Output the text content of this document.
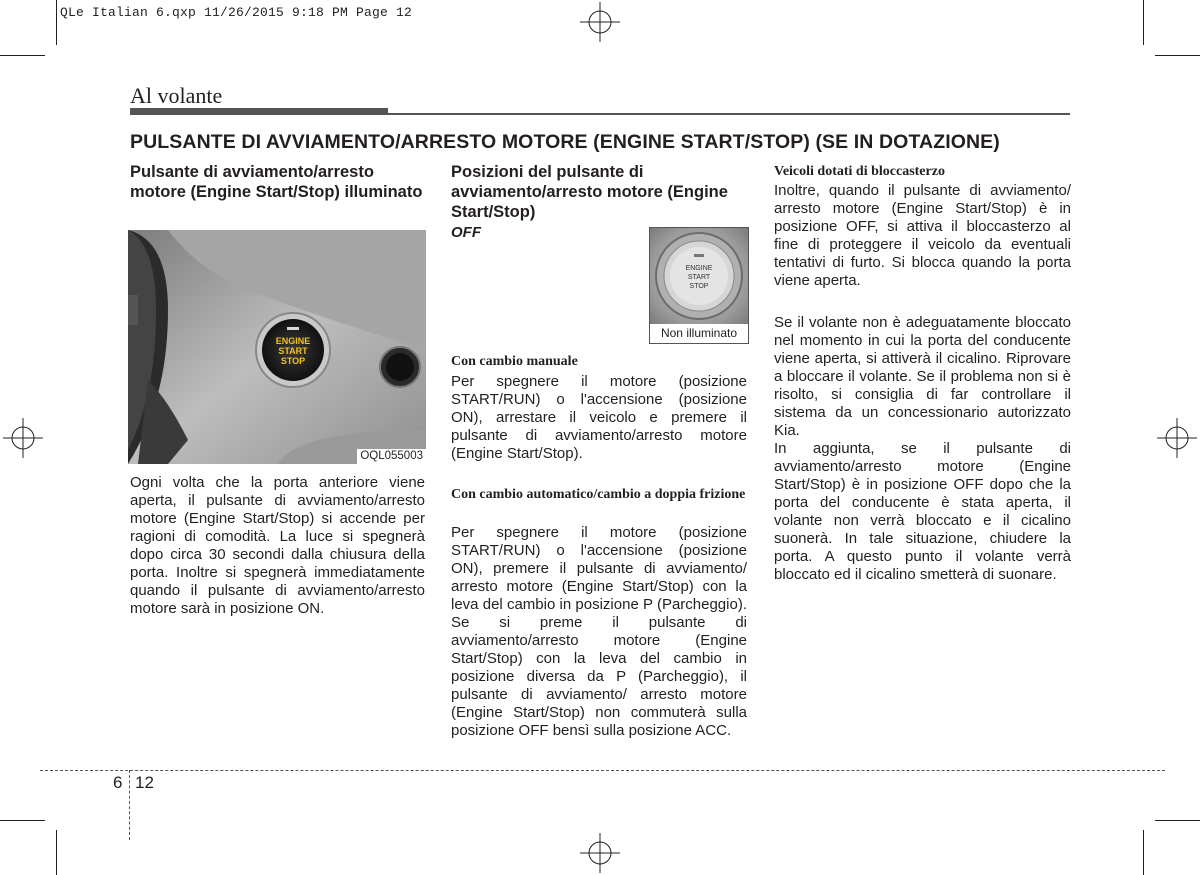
QLe Italian 6.qxp 11/26/2015 9:18 PM Page 12
Al volante
PULSANTE DI AVVIAMENTO/ARRESTO MOTORE (ENGINE START/STOP) (SE IN DOTAZIONE)
Pulsante di avviamento/arresto motore (Engine Start/Stop) illuminato
ENGINE
START
STOP
OQL055003
Ogni volta che la porta anteriore viene aperta, il pulsante di avviamento/arresto motore (Engine Start/Stop) si accende per ragioni di comodità. La luce si spegnerà dopo circa 30 secondi dalla chiusura della porta. Inoltre si spegnerà immediatamente quando il pulsante di avviamento/arresto motore sarà in posizione ON.
Posizioni del pulsante di avviamento/arresto motore (Engine Start/Stop)
OFF
ENGINE
START
STOP
Non illuminato
Con cambio manuale
Per spegnere il motore (posizione START/RUN) o l'accensione (posizione ON), arrestare il veicolo e premere il pulsante di avviamento/arresto motore (Engine Start/Stop).
Con cambio automatico/cambio a doppia frizione
Per spegnere il motore (posizione START/RUN) o l'accensione (posizione ON), premere il pulsante di avviamento/ arresto motore (Engine Start/Stop) con la leva del cambio in posizione P (Parcheggio). Se si preme il pulsante di avviamento/arresto motore (Engine Start/Stop) con la leva del cambio in posizione diversa da P (Parcheggio), il pulsante di avviamento/ arresto motore (Engine Start/Stop) non commuterà sulla posizione OFF bensì sulla posizione ACC.
Veicoli dotati di bloccasterzo
Inoltre, quando il pulsante di avviamento/ arresto motore (Engine Start/Stop) è in posizione OFF, si attiva il bloccasterzo al fine di proteggere il veicolo da eventuali tentativi di furto. Si blocca quando la porta viene aperta.
Se il volante non è adeguatamente bloccato nel momento in cui la porta del conducente viene aperta, si attiverà il cicalino. Riprovare a bloccare il volante. Se il problema non si è risolto, si consiglia di far controllare il sistema da un concessionario autorizzato Kia.
In aggiunta, se il pulsante di avviamento/arresto motore (Engine Start/Stop) è in posizione OFF dopo che la porta del conducente è stata aperta, il volante non verrà bloccato e il cicalino suonerà. In tale situazione, chiudere la porta. A questo punto il volante verrà bloccato ed il cicalino smetterà di suonare.
6 12
